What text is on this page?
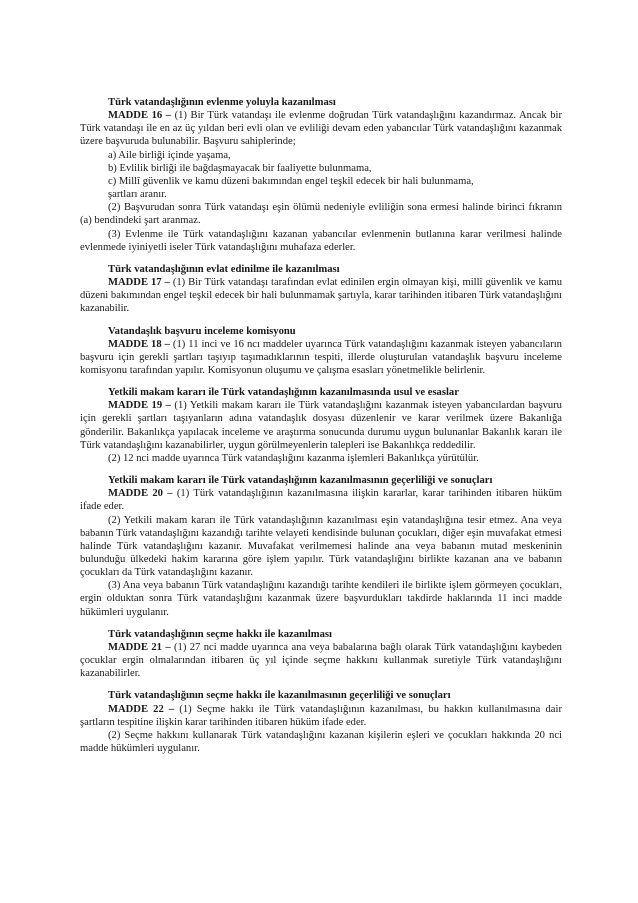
Türk vatandaşlığının evlenme yoluyla kazanılması

MADDE 16 – (1) Bir Türk vatandaşı ile evlenme doğrudan Türk vatandaşlığını kazandırmaz. Ancak bir Türk vatandaşı ile en az üç yıldan beri evli olan ve evliliği devam eden yabancılar Türk vatandaşlığını kazanmak üzere başvuruda bulunabilir. Başvuru sahiplerinde;

a) Aile birliği içinde yaşama,

b) Evlilik birliği ile bağdaşmayacak bir faaliyette bulunmama,

c) Millî güvenlik ve kamu düzeni bakımından engel teşkil edecek bir hali bulunmama,

şartları aranır.

(2) Başvurudan sonra Türk vatandaşı eşin ölümü nedeniyle evliliğin sona ermesi halinde birinci fıkranın (a) bendindeki şart aranmaz.

(3) Evlenme ile Türk vatandaşlığını kazanan yabancılar evlenmenin butlanına karar verilmesi halinde evlenmede iyiniyetli iseler Türk vatandaşlığını muhafaza ederler.

Türk vatandaşlığının evlat edinilme ile kazanılması

MADDE 17 – (1) Bir Türk vatandaşı tarafından evlat edinilen ergin olmayan kişi, millî güvenlik ve kamu düzeni bakımından engel teşkil edecek bir hali bulunmamak şartıyla, karar tarihinden itibaren Türk vatandaşlığını kazanabilir.

Vatandaşlık başvuru inceleme komisyonu

MADDE 18 – (1) 11 inci ve 16 ncı maddeler uyarınca Türk vatandaşlığını kazanmak isteyen yabancıların başvuru için gerekli şartları taşıyıp taşımadıklarının tespiti, illerde oluşturulan vatandaşlık başvuru inceleme komisyonu tarafından yapılır. Komisyonun oluşumu ve çalışma esasları yönetmelikle belirlenir.

Yetkili makam kararı ile Türk vatandaşlığının kazanılmasında usul ve esaslar

MADDE 19 – (1) Yetkili makam kararı ile Türk vatandaşlığını kazanmak isteyen yabancılardan başvuru için gerekli şartları taşıyanların adına vatandaşlık dosyası düzenlenir ve karar verilmek üzere Bakanlığa gönderilir. Bakanlıkça yapılacak inceleme ve araştırma sonucunda durumu uygun bulunanlar Bakanlık kararı ile Türk vatandaşlığını kazanabilirler, uygun görülmeyenlerin talepleri ise Bakanlıkça reddedilir.

(2) 12 nci madde uyarınca Türk vatandaşlığını kazanma işlemleri Bakanlıkça yürütülür.

Yetkili makam kararı ile Türk vatandaşlığının kazanılmasının geçerliliği ve sonuçları

MADDE 20 – (1) Türk vatandaşlığının kazanılmasına ilişkin kararlar, karar tarihinden itibaren hüküm ifade eder.

(2) Yetkili makam kararı ile Türk vatandaşlığının kazanılması eşin vatandaşlığına tesir etmez. Ana veya babanın Türk vatandaşlığını kazandığı tarihte velayeti kendisinde bulunan çocukları, diğer eşin muvafakat etmesi halinde Türk vatandaşlığını kazanır. Muvafakat verilmemesi halinde ana veya babanın mutad meskeninin bulunduğu ülkedeki hakim kararına göre işlem yapılır. Türk vatandaşlığını birlikte kazanan ana ve babanın çocukları da Türk vatandaşlığını kazanır.

(3) Ana veya babanın Türk vatandaşlığını kazandığı tarihte kendileri ile birlikte işlem görmeyen çocukları, ergin olduktan sonra Türk vatandaşlığını kazanmak üzere başvurdukları takdirde haklarında 11 inci madde hükümleri uygulanır.

Türk vatandaşlığının seçme hakkı ile kazanılması

MADDE 21 – (1) 27 nci madde uyarınca ana veya babalarına bağlı olarak Türk vatandaşlığını kaybeden çocuklar ergin olmalarından itibaren üç yıl içinde seçme hakkını kullanmak suretiyle Türk vatandaşlığını kazanabilirler.

Türk vatandaşlığının seçme hakkı ile kazanılmasının geçerliliği ve sonuçları

MADDE 22 – (1) Seçme hakkı ile Türk vatandaşlığının kazanılması, bu hakkın kullanılmasına dair şartların tespitine ilişkin karar tarihinden itibaren hüküm ifade eder.

(2) Seçme hakkını kullanarak Türk vatandaşlığını kazanan kişilerin eşleri ve çocukları hakkında 20 nci madde hükümleri uygulanır.
